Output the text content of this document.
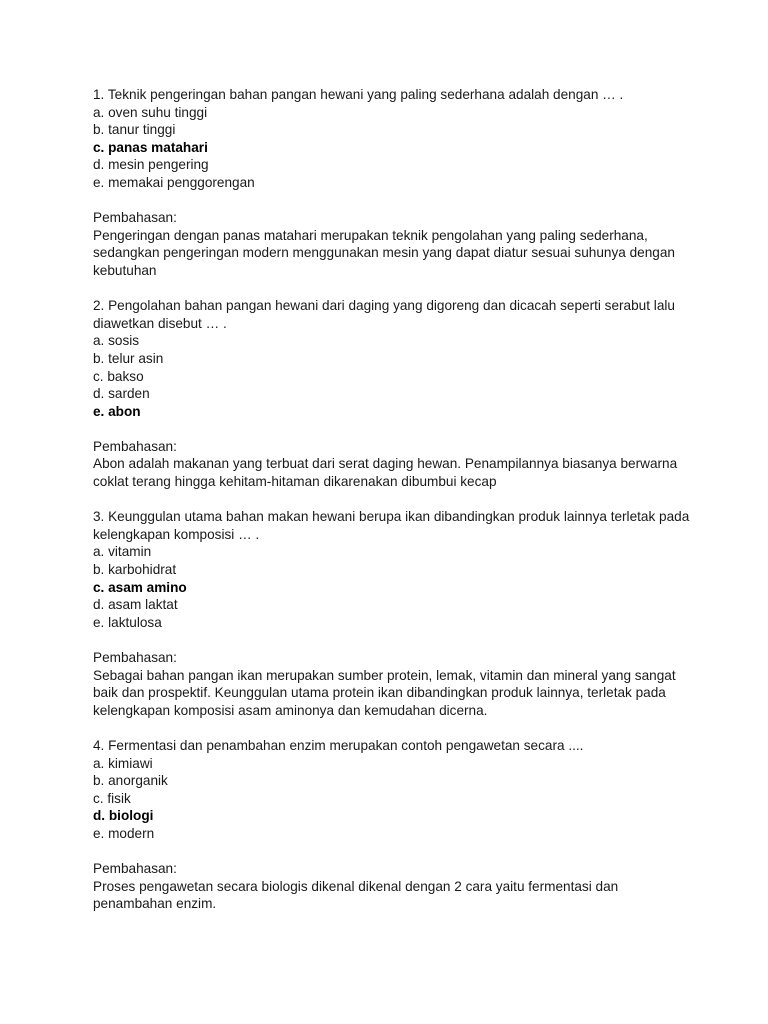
1. Teknik pengeringan bahan pangan hewani yang paling sederhana adalah dengan … .

a. oven suhu tinggi

b. tanur tinggi

c. panas matahari

d. mesin pengering

e. memakai penggorengan

Pembahasan:

Pengeringan dengan panas matahari merupakan teknik pengolahan yang paling sederhana, sedangkan pengeringan modern menggunakan mesin yang dapat diatur sesuai suhunya dengan kebutuhan

2. Pengolahan bahan pangan hewani dari daging yang digoreng dan dicacah seperti serabut lalu diawetkan disebut … .

a. sosis

b. telur asin

c. bakso

d. sarden

e. abon

Pembahasan:

Abon adalah makanan yang terbuat dari serat daging hewan. Penampilannya biasanya berwarna coklat terang hingga kehitam-hitaman dikarenakan dibumbui kecap

3. Keunggulan utama bahan makan hewani berupa ikan dibandingkan produk lainnya terletak pada kelengkapan komposisi … .

a. vitamin

b. karbohidrat

c. asam amino

d. asam laktat

e. laktulosa

Pembahasan:

Sebagai bahan pangan ikan merupakan sumber protein, lemak, vitamin dan mineral yang sangat baik dan prospektif. Keunggulan utama protein ikan dibandingkan produk lainnya, terletak pada kelengkapan komposisi asam aminonya dan kemudahan dicerna.

4. Fermentasi dan penambahan enzim merupakan contoh pengawetan secara ....

a. kimiawi

b. anorganik

c. fisik

d. biologi

e. modern

Pembahasan:

Proses pengawetan secara biologis dikenal dikenal dengan 2 cara yaitu fermentasi dan penambahan enzim.
